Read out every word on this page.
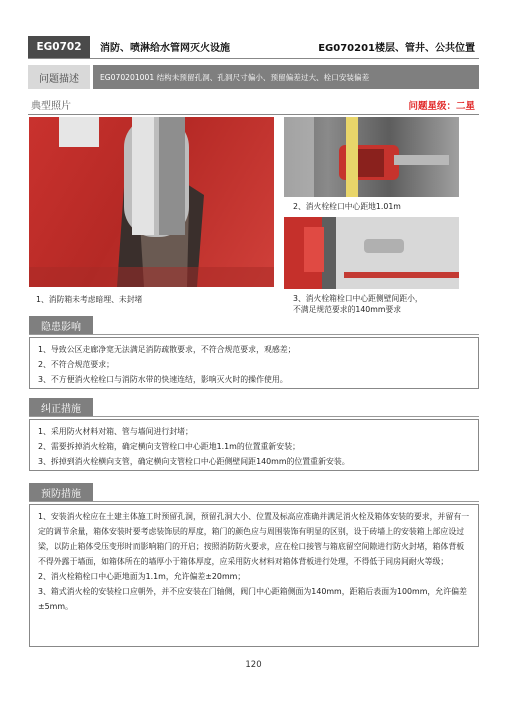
EG0702	消防、喷淋给水管网灭火设施	EG070201楼层、管井、公共位置
问题描述	EG070201001 结构未预留孔洞、孔洞尺寸偏小、预留偏差过大、栓口安装偏差
典型照片	问题星级：二星
1、消防箱未考虑暗埋、未封堵
2、消火栓栓口中心距地1.01m
3、消火栓箱栓口中心距侧壁间距小，
不满足规范要求的140mm要求
隐患影响

1、导致公区走廊净宽无法满足消防疏散要求，不符合规范要求，观感差；

2、不符合规范要求；

3、不方便消火栓栓口与消防水带的快速连结，影响灭火时的操作使用。

纠正措施

1、采用防火材料对箱、管与墙间进行封堵；

2、需要拆掉消火栓箱，确定横向支管栓口中心距地1.1m的位置重新安装；

3、拆掉到消火栓横向支管，确定横向支管栓口中心距侧壁间距140mm的位置重新安装。

预防措施

1、安装消火栓应在土建主体施工时预留孔洞，预留孔洞大小、位置及标高应准确并满足消火栓及箱体安装的要求，并留有一定的调节余量，箱体安装时要考虑装饰层的厚度，箱门的颜色应与周围装饰有明显的区别，设于砖墙上的安装箱上部应设过梁，以防止箱体受压变形时而影响箱门的开启；按照消防防火要求，应在栓口接管与箱底留空间隙进行防火封堵，箱体背板不得外露于墙面，如箱体所在的墙厚小于箱体厚度，应采用防火材料对箱体背板进行处理，不得低于同房间耐火等级；

2、消火栓箱栓口中心距地面为1.1m，允许偏差±20mm；

3、箱式消火栓的安装栓口应朝外，并不应安装在门轴侧，阀门中心距箱侧面为140mm，距箱后表面为100mm，允许偏差±5mm。

120
